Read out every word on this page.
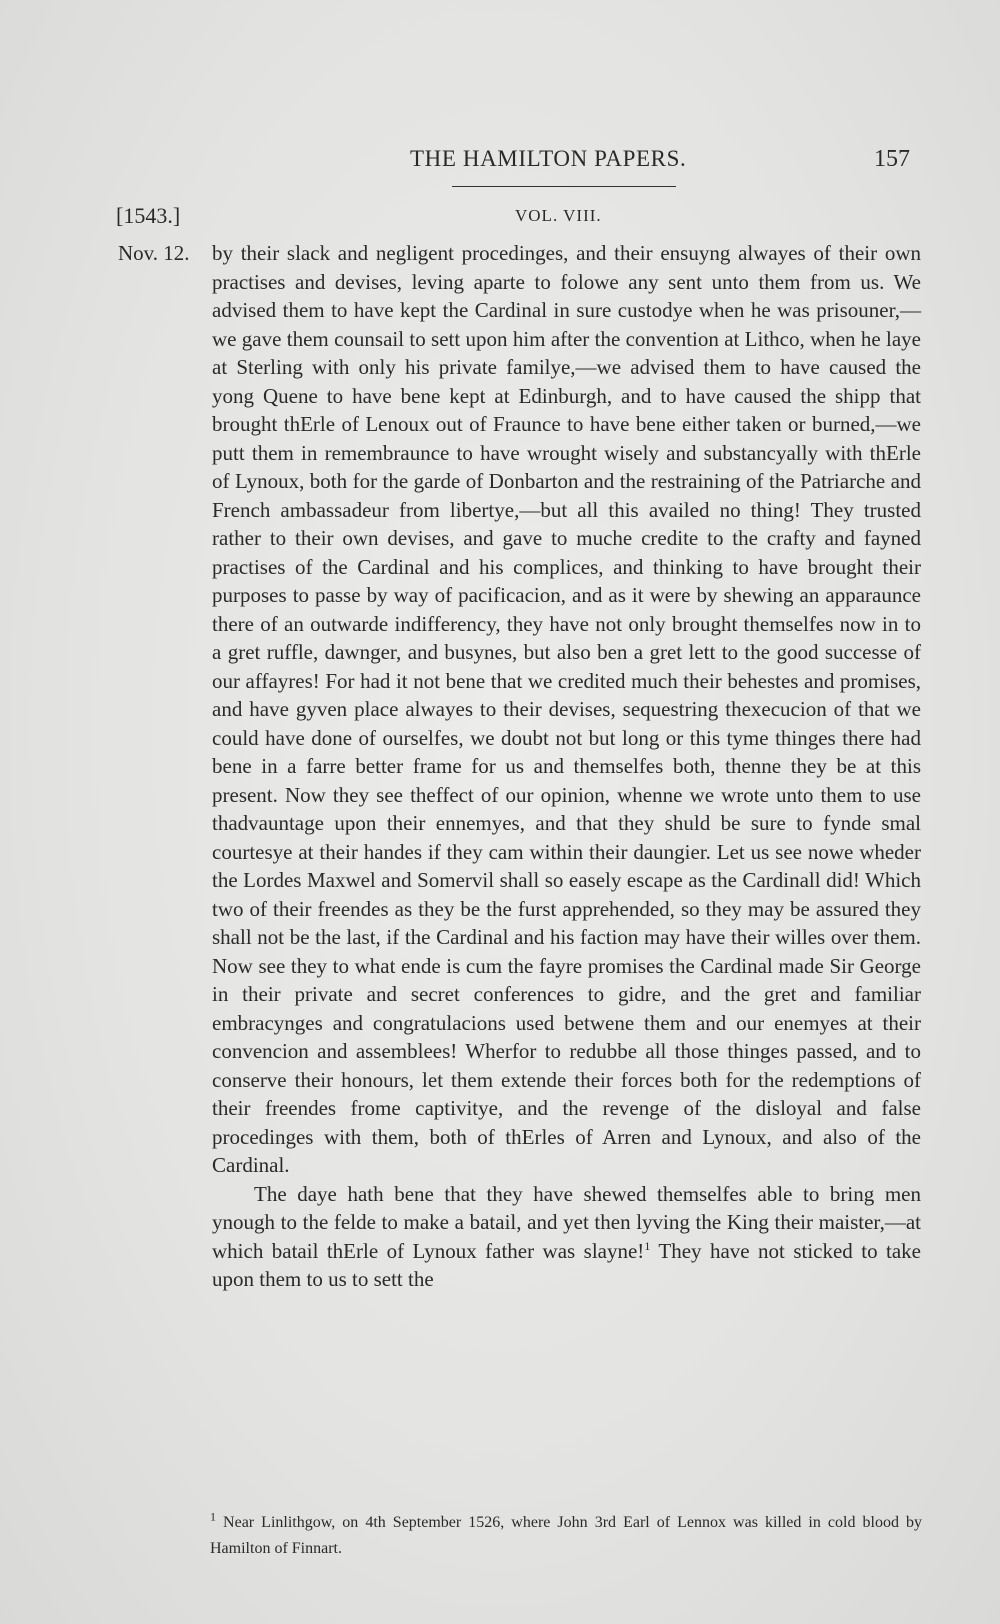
THE HAMILTON PAPERS.	157
[1543.]	VOL. VIII.
Nov. 12. by their slack and negligent procedinges, and their ensuyng alwayes of their own practises and devises, leving aparte to folowe any sent unto them from us. We advised them to have kept the Cardinal in sure custodye when he was prisouner,—we gave them counsail to sett upon him after the convention at Lithco, when he laye at Sterling with only his private familye,—we advised them to have caused the yong Quene to have bene kept at Edinburgh, and to have caused the shipp that brought thErle of Lenoux out of Fraunce to have bene either taken or burned,—we putt them in remembraunce to have wrought wisely and substancyally with thErle of Lynoux, both for the garde of Donbarton and the restraining of the Patriarche and French ambassadeur from libertye,—but all this availed no thing! They trusted rather to their own devises, and gave to muche credite to the crafty and fayned practises of the Cardinal and his complices, and thinking to have brought their purposes to passe by way of pacificacion, and as it were by shewing an apparaunce there of an outwarde indifferency, they have not only brought themselfes now in to a gret ruffle, dawnger, and busynes, but also ben a gret lett to the good successe of our affayres! For had it not bene that we credited much their behestes and promises, and have gyven place alwayes to their devises, sequestring thexecucion of that we could have done of ourselfes, we doubt not but long or this tyme thinges there had bene in a farre better frame for us and themselfes both, thenne they be at this present. Now they see theffect of our opinion, whenne we wrote unto them to use thadvauntage upon their ennemyes, and that they shuld be sure to fynde smal courtesye at their handes if they cam within their daungier. Let us see nowe wheder the Lordes Maxwel and Somervil shall so easely escape as the Cardinall did! Which two of their freendes as they be the furst apprehended, so they may be assured they shall not be the last, if the Cardinal and his faction may have their willes over them. Now see they to what ende is cum the fayre promises the Cardinal made Sir George in their private and secret conferences to gidre, and the gret and familiar embracynges and congratulacions used betwene them and our enemyes at their convencion and assemblees! Wherfor to redubbe all those thinges passed, and to conserve their honours, let them extende their forces both for the redemptions of their freendes frome captivitye, and the revenge of the disloyal and false procedinges with them, both of thErles of Arren and Lynoux, and also of the Cardinal.

The daye hath bene that they have shewed themselfes able to bring men ynough to the felde to make a batail, and yet then lyving the King their maister,—at which batail thErle of Lynoux father was slayne!$^1$ They have not sticked to take upon them to us to sett the

$^1$ Near Linlithgow, on 4th September 1526, where John 3rd Earl of Lennox was killed in cold blood by Hamilton of Finnart.
